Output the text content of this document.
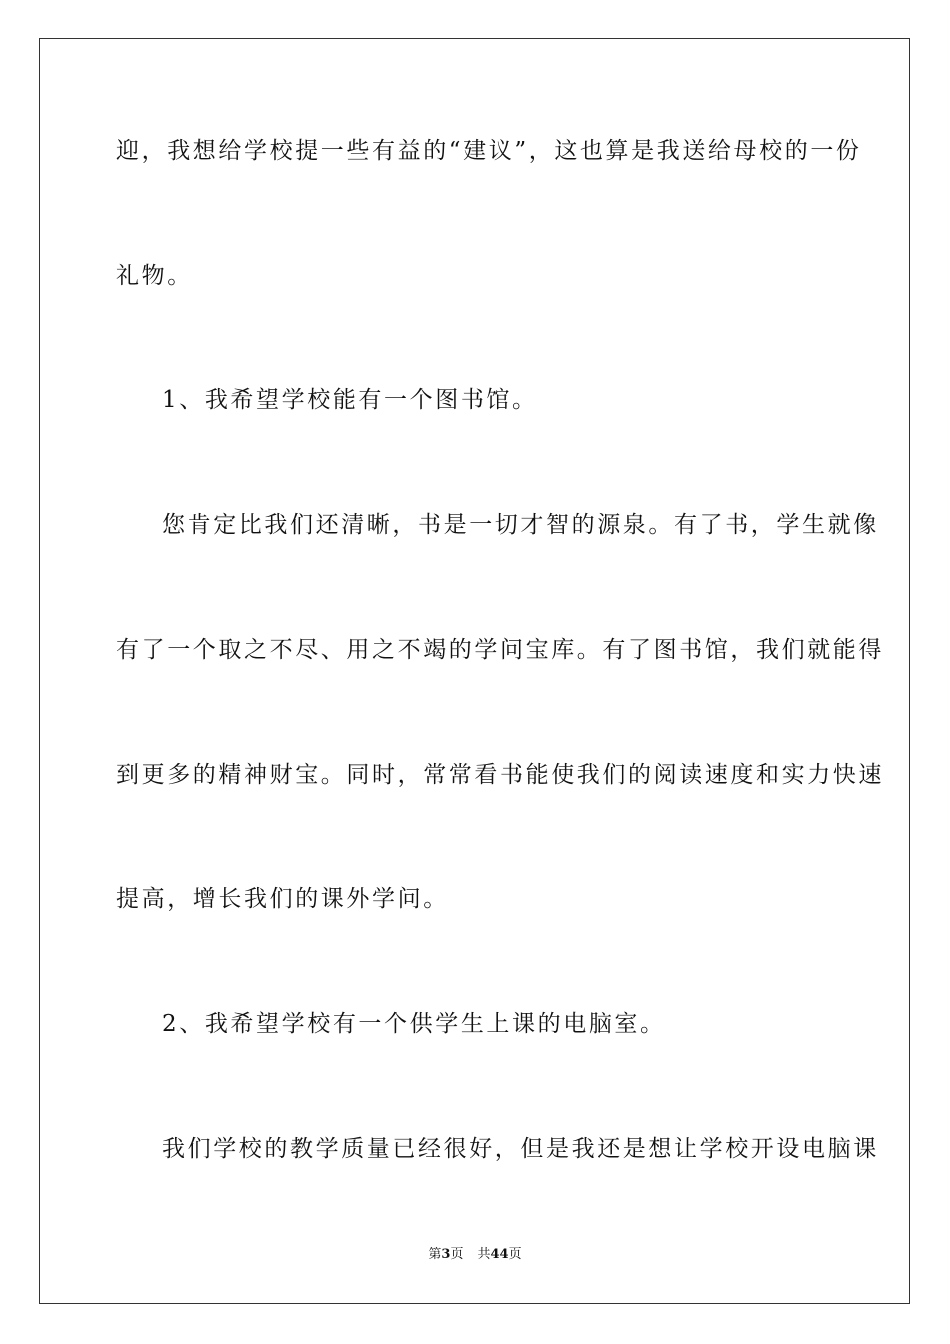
迎，我想给学校提一些有益的“建议”，这也算是我送给母校的一份
礼物。
1、我希望学校能有一个图书馆。
您肯定比我们还清晰，书是一切才智的源泉。有了书，学生就像
有了一个取之不尽、用之不竭的学问宝库。有了图书馆，我们就能得
到更多的精神财宝。同时，常常看书能使我们的阅读速度和实力快速
提高，增长我们的课外学问。
2、我希望学校有一个供学生上课的电脑室。
我们学校的教学质量已经很好，但是我还是想让学校开设电脑课
第3页 共44页
